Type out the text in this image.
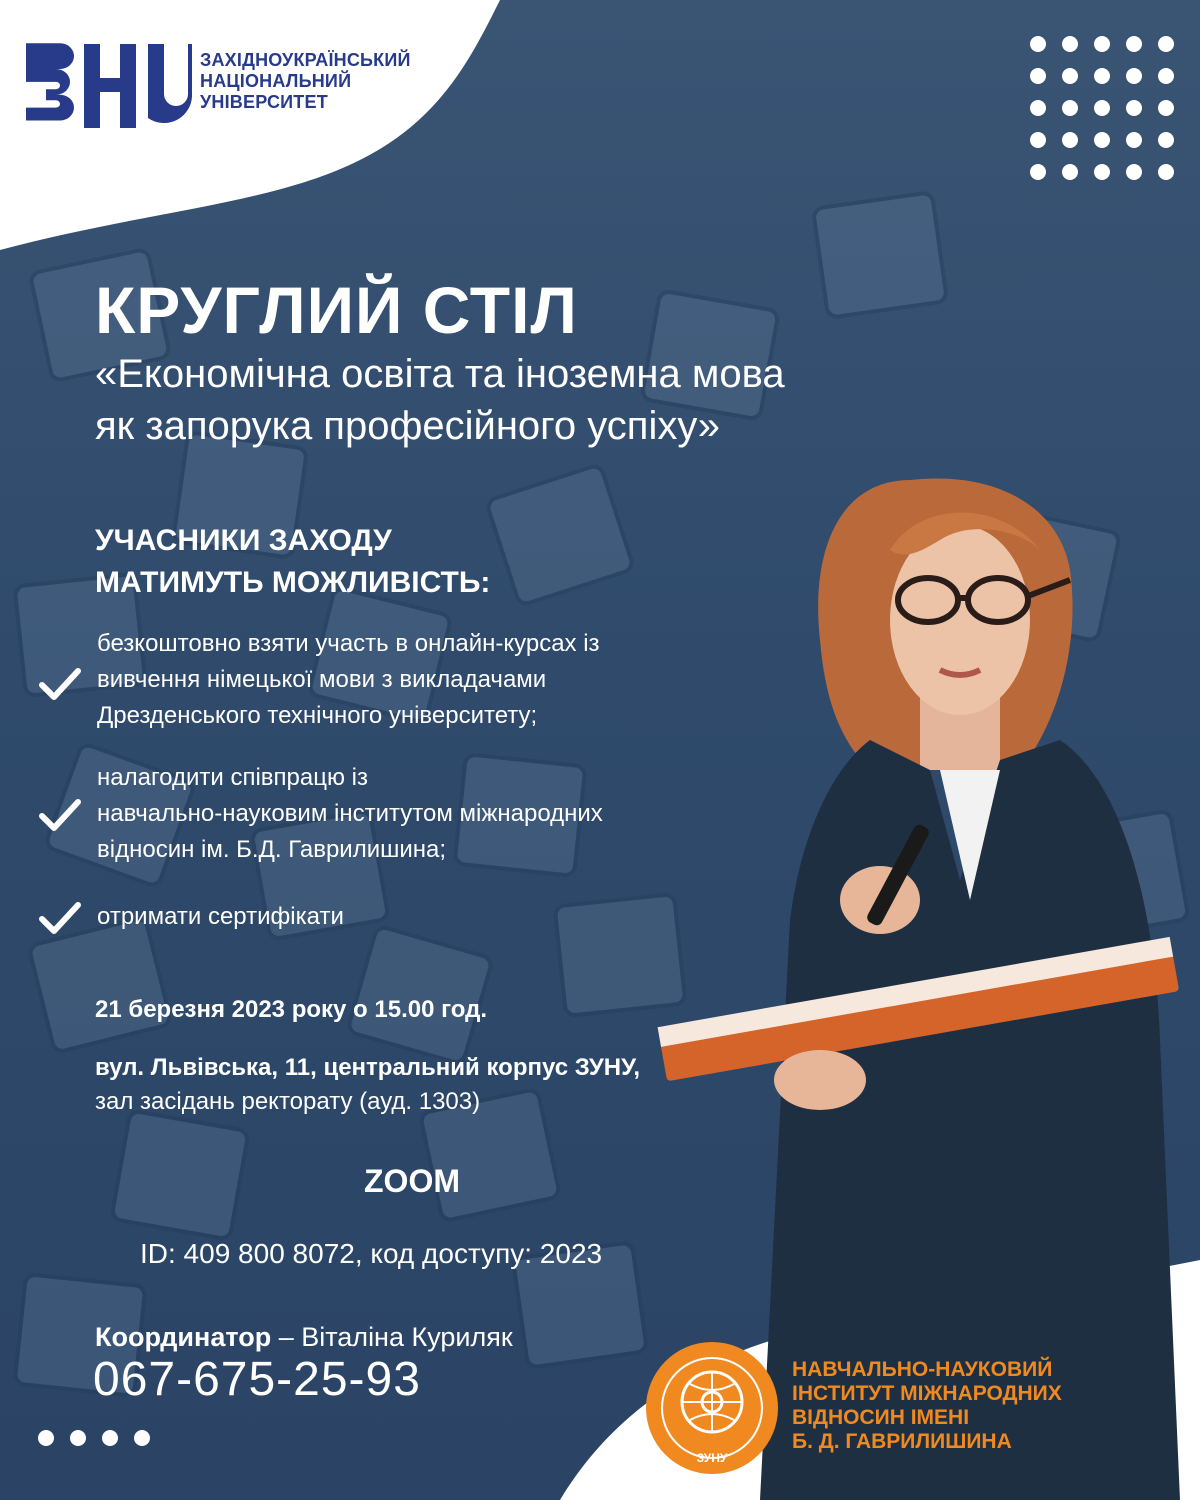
ЗАХІДНОУКРАЇНСЬКИЙ
НАЦІОНАЛЬНИЙ
УНІВЕРСИТЕТ
КРУГЛИЙ СТІЛ
«Економічна освіта та іноземна мова
як запорука професійного успіху»
УЧАСНИКИ ЗАХОДУ
МАТИМУТЬ МОЖЛИВІСТЬ:
безкоштовно взяти участь в онлайн-курсах із
вивчення німецької мови з викладачами
Дрезденського технічного університету;
налагодити співпрацю із
навчально-науковим інститутом міжнародних
відносин ім. Б.Д. Гаврилишина;
отримати сертифікати
21 березня 2023 року о 15.00 год.
вул. Львівська, 11, центральний корпус ЗУНУ,
зал засідань ректорату (ауд. 1303)
ZOOM
ID: 409 800 8072, код доступу: 2023
Координатор – Віталіна Куриляк
067-675-25-93
ЗУНУ
НАВЧАЛЬНО-НАУКОВИЙ
ІНСТИТУТ МІЖНАРОДНИХ
ВІДНОСИН ІМЕНІ
Б. Д. ГАВРИЛИШИНА
